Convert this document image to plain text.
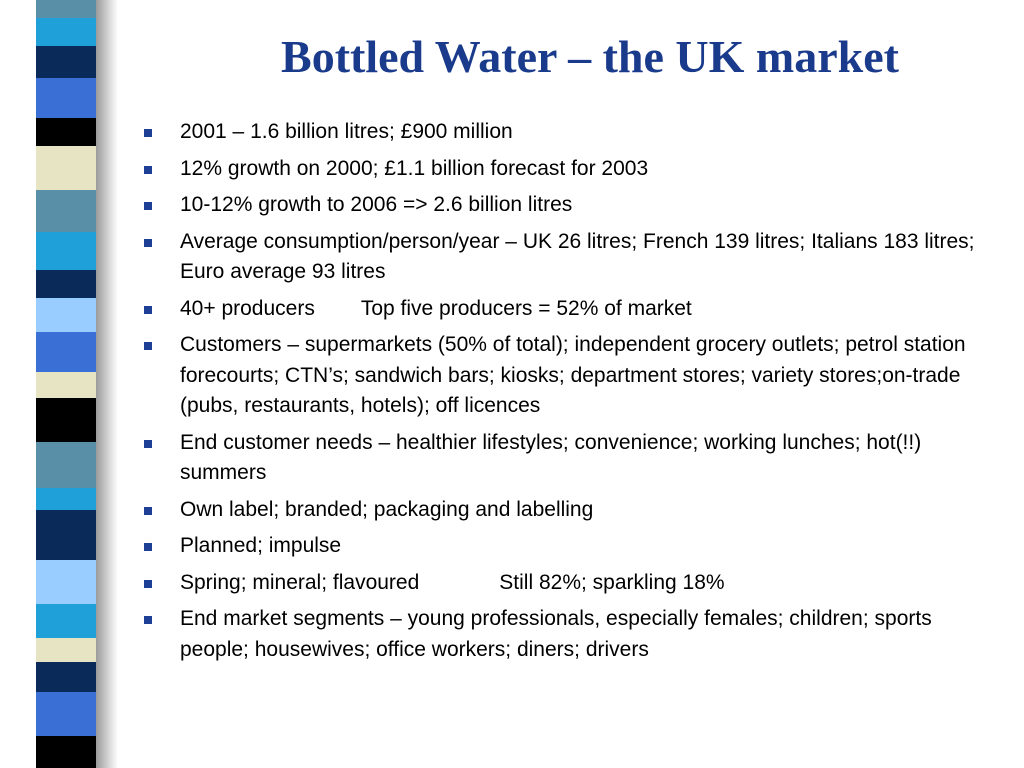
Bottled Water – the UK market
2001 – 1.6 billion litres; £900 million
12% growth on 2000; £1.1 billion forecast for 2003
10-12% growth to 2006 => 2.6 billion litres
Average consumption/person/year – UK 26 litres; French 139 litres; Italians 183 litres; Euro average 93 litres
40+ producers Top five producers = 52% of market
Customers – supermarkets (50% of total); independent grocery outlets; petrol station forecourts; CTN’s; sandwich bars; kiosks; department stores; variety stores;on-trade (pubs, restaurants, hotels); off licences
End customer needs – healthier lifestyles; convenience; working lunches; hot(!!) summers
Own label; branded; packaging and labelling
Planned; impulse
Spring; mineral; flavoured	Still 82%; sparkling 18%
End market segments – young professionals, especially females; children; sports people; housewives; office workers; diners; drivers
